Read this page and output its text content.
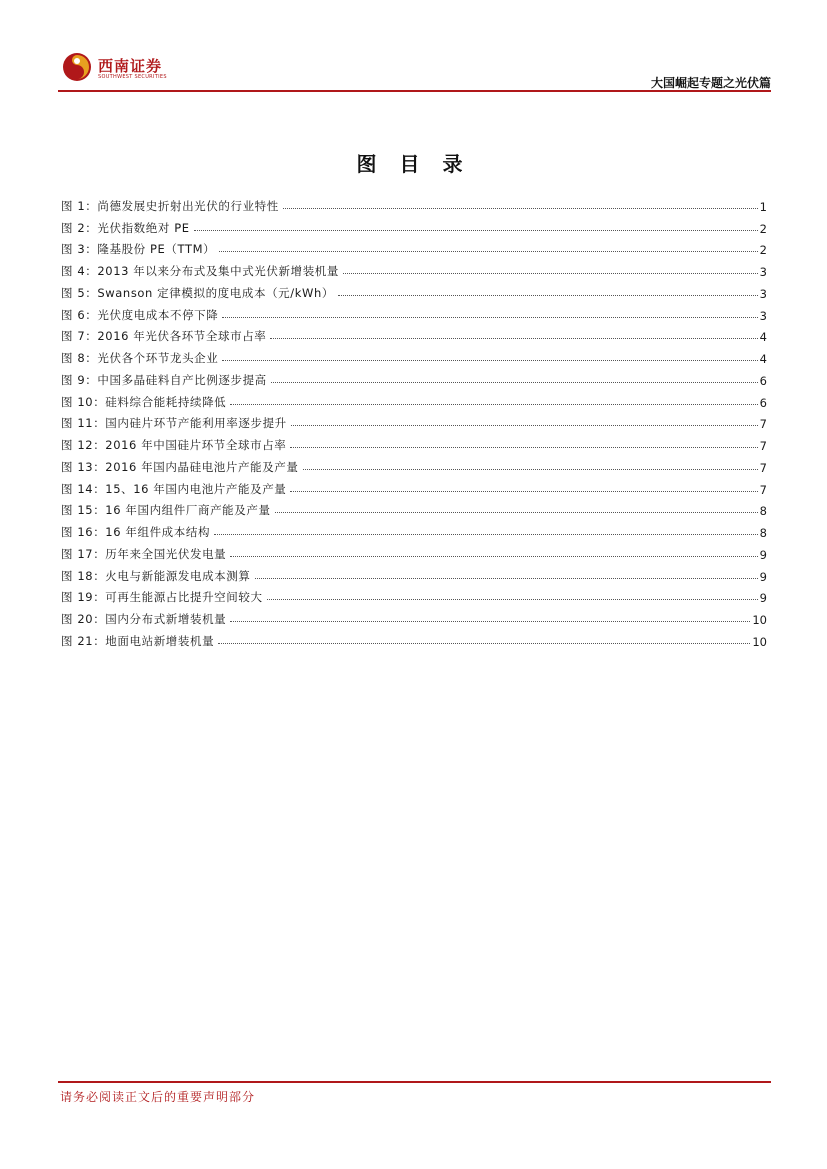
西南证券
SOUTHWEST SECURITIES	大国崛起专题之光伏篇
图 目 录
图 1：尚德发展史折射出光伏的行业特性	1
图 2：光伏指数绝对 PE	2
图 3：隆基股份 PE（TTM）	2
图 4：2013 年以来分布式及集中式光伏新增装机量	3
图 5：Swanson 定律模拟的度电成本（元/kWh）	3
图 6：光伏度电成本不停下降	3
图 7：2016 年光伏各环节全球市占率	4
图 8：光伏各个环节龙头企业	4
图 9：中国多晶硅料自产比例逐步提高	6
图 10：硅料综合能耗持续降低	6
图 11：国内硅片环节产能利用率逐步提升	7
图 12：2016 年中国硅片环节全球市占率	7
图 13：2016 年国内晶硅电池片产能及产量	7
图 14：15、16 年国内电池片产能及产量	7
图 15：16 年国内组件厂商产能及产量	8
图 16：16 年组件成本结构	8
图 17：历年来全国光伏发电量	9
图 18：火电与新能源发电成本测算	9
图 19：可再生能源占比提升空间较大	9
图 20：国内分布式新增装机量	10
图 21：地面电站新增装机量	10
请务必阅读正文后的重要声明部分
